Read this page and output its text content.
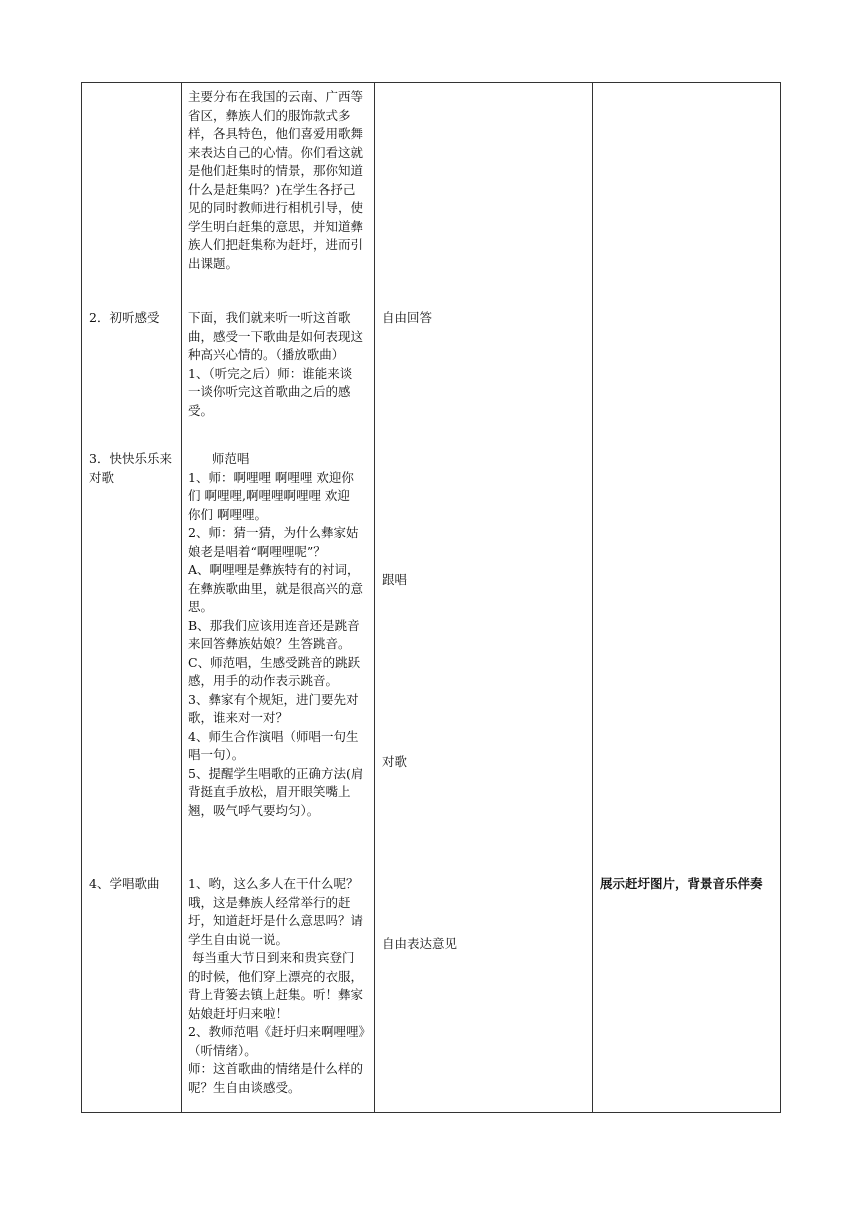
2．初听感受
3．快快乐乐来
对歌
4、学唱歌曲

主要分布在我国的云南、广西等

省区，彝族人们的服饰款式多

样，各具特色，他们喜爱用歌舞

来表达自己的心情。你们看这就

是他们赶集时的情景，那你知道

什么是赶集吗？)在学生各抒己

见的同时教师进行相机引导，使

学生明白赶集的意思，并知道彝

族人们把赶集称为赶圩，进而引

出课题。

下面，我们就来听一听这首歌

曲，感受一下歌曲是如何表现这

种高兴心情的。（播放歌曲）

1、（听完之后）师：谁能来谈

一谈你听完这首歌曲之后的感

受。

师范唱

1、师：啊哩哩 啊哩哩 欢迎你

们 啊哩哩,啊哩哩啊哩哩 欢迎

你们 啊哩哩。

2、师：猜一猜，为什么彝家姑

娘老是唱着“啊哩哩呢”？

A、啊哩哩是彝族特有的衬词，

在彝族歌曲里，就是很高兴的意

思。

B、那我们应该用连音还是跳音

来回答彝族姑娘？生答跳音。

C、师范唱，生感受跳音的跳跃

感，用手的动作表示跳音。

3、彝家有个规矩，进门要先对

歌，谁来对一对？

4、师生合作演唱（师唱一句生

唱一句）。

5、提醒学生唱歌的正确方法(肩

背挺直手放松，眉开眼笑嘴上

翘，吸气呼气要均匀）。

1、哟，这么多人在干什么呢？

哦，这是彝族人经常举行的赶

圩，知道赶圩是什么意思吗？请

学生自由说一说。

每当重大节日到来和贵宾登门

的时候，他们穿上漂亮的衣服，

背上背篓去镇上赶集。听！彝家

姑娘赶圩归来啦！

2、教师范唱《赶圩归来啊哩哩》

（听情绪）。

师：这首歌曲的情绪是什么样的

呢？生自由谈感受。

自由回答
跟唱
对歌
自由表达意见
展示赶圩图片，背景音乐伴奏
